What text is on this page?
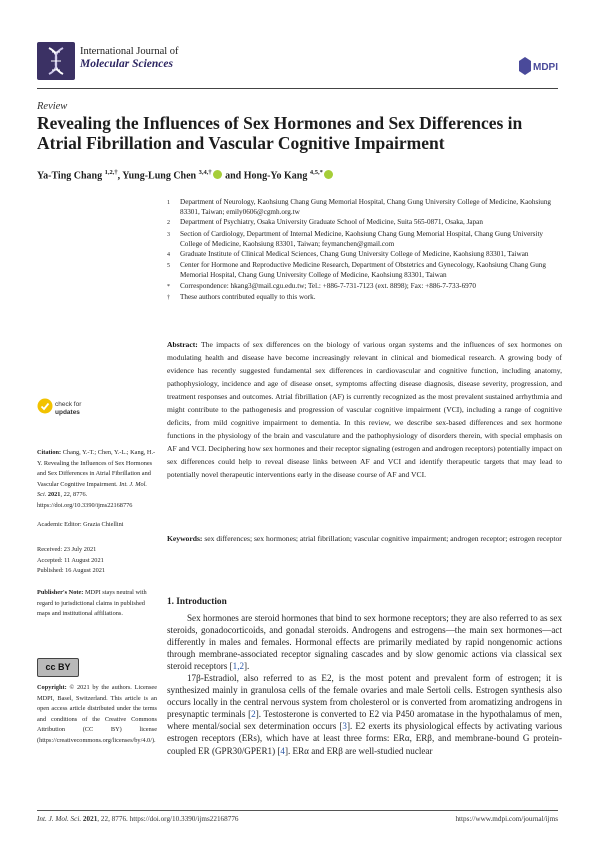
International Journal of
Molecular Sciences	MDPI
Review
Revealing the Influences of Sex Hormones and Sex Differences in Atrial Fibrillation and Vascular Cognitive Impairment
Ya-Ting Chang $^{1,2,\dagger}$, Yung-Lung Chen $^{3,4,\dagger}$ and Hong-Yo Kang $^{4,5,*}$
1	Department of Neurology, Kaohsiung Chang Gung Memorial Hospital, Chang Gung University College of Medicine, Kaohsiung 83301, Taiwan; emily0606@cgmh.org.tw
2	Department of Psychiatry, Osaka University Graduate School of Medicine, Suita 565-0871, Osaka, Japan
3	Section of Cardiology, Department of Internal Medicine, Kaohsiung Chang Gung Memorial Hospital, Chang Gung University College of Medicine, Kaohsiung 83301, Taiwan; feymanchen@gmail.com
4	Graduate Institute of Clinical Medical Sciences, Chang Gung University College of Medicine, Kaohsiung 83301, Taiwan
5	Center for Hormone and Reproductive Medicine Research, Department of Obstetrics and Gynecology, Kaohsiung Chang Gung Memorial Hospital, Chang Gung University College of Medicine, Kaohsiung 83301, Taiwan
*	Correspondence: hkang3@mail.cgu.edu.tw; Tel.: +886-7-731-7123 (ext. 8898); Fax: +886-7-733-6970
†	These authors contributed equally to this work.
Abstract: The impacts of sex differences on the biology of various organ systems and the influences of sex hormones on modulating health and disease have become increasingly relevant in clinical and biomedical research. A growing body of evidence has recently suggested fundamental sex differences in cardiovascular and cognitive function, including anatomy, pathophysiology, incidence and age of disease onset, symptoms affecting disease diagnosis, disease severity, progression, and treatment responses and outcomes. Atrial fibrillation (AF) is currently recognized as the most prevalent sustained arrhythmia and might contribute to the pathogenesis and progression of vascular cognitive impairment (VCI), including a range of cognitive deficits, from mild cognitive impairment to dementia. In this review, we describe sex-based differences and sex hormone functions in the physiology of the brain and vasculature and the pathophysiology of disorders therein, with special emphasis on AF and VCI. Deciphering how sex hormones and their receptor signaling (estrogen and androgen receptors) potentially impact on sex differences could help to reveal disease links between AF and VCI and identify therapeutic targets that may lead to potentially novel therapeutic interventions early in the disease course of AF and VCI.
Keywords: sex differences; sex hormones; atrial fibrillation; vascular cognitive impairment; androgen receptor; estrogen receptor
check for
updates
Citation: Chang, Y.-T.; Chen, Y.-L.; Kang, H.-Y. Revealing the Influences of Sex Hormones and Sex Differences in Atrial Fibrillation and Vascular Cognitive Impairment. Int. J. Mol. Sci. 2021, 22, 8776. https://doi.org/10.3390/ijms22168776
Academic Editor: Grazia Chiellini
Received: 23 July 2021
Accepted: 11 August 2021
Published: 16 August 2021
Publisher's Note: MDPI stays neutral with regard to jurisdictional claims in published maps and institutional affiliations.
cc BY
Copyright: © 2021 by the authors. Licensee MDPI, Basel, Switzerland. This article is an open access article distributed under the terms and conditions of the Creative Commons Attribution (CC BY) license (https://creativecommons.org/licenses/by/4.0/).
1. Introduction

Sex hormones are steroid hormones that bind to sex hormone receptors; they are also referred to as sex steroids, gonadocorticoids, and gonadal steroids. Androgens and estrogens—the main sex hormones—act differently in males and females. Hormonal effects are primarily mediated by rapid nongenomic actions through membrane-associated receptor signaling cascades and by slow genomic actions via classical sex steroid receptors [1,2].

17β-Estradiol, also referred to as E2, is the most potent and prevalent form of estrogen; it is synthesized mainly in granulosa cells of the female ovaries and male Sertoli cells. Estrogen synthesis also occurs locally in the central nervous system from cholesterol or is converted from aromatizing androgens in presynaptic terminals [2]. Testosterone is converted to E2 via P450 aromatase in the hypothalamus of men, where mental/social sex determination occurs [3]. E2 exerts its physiological effects by activating various estrogen receptors (ERs), which have at least three forms: ERα, ERβ, and membrane-bound G protein-coupled ER (GPR30/GPER1) [4]. ERα and ERβ are well-studied nuclear

Int. J. Mol. Sci. 2021, 22, 8776. https://doi.org/10.3390/ijms22168776	https://www.mdpi.com/journal/ijms
